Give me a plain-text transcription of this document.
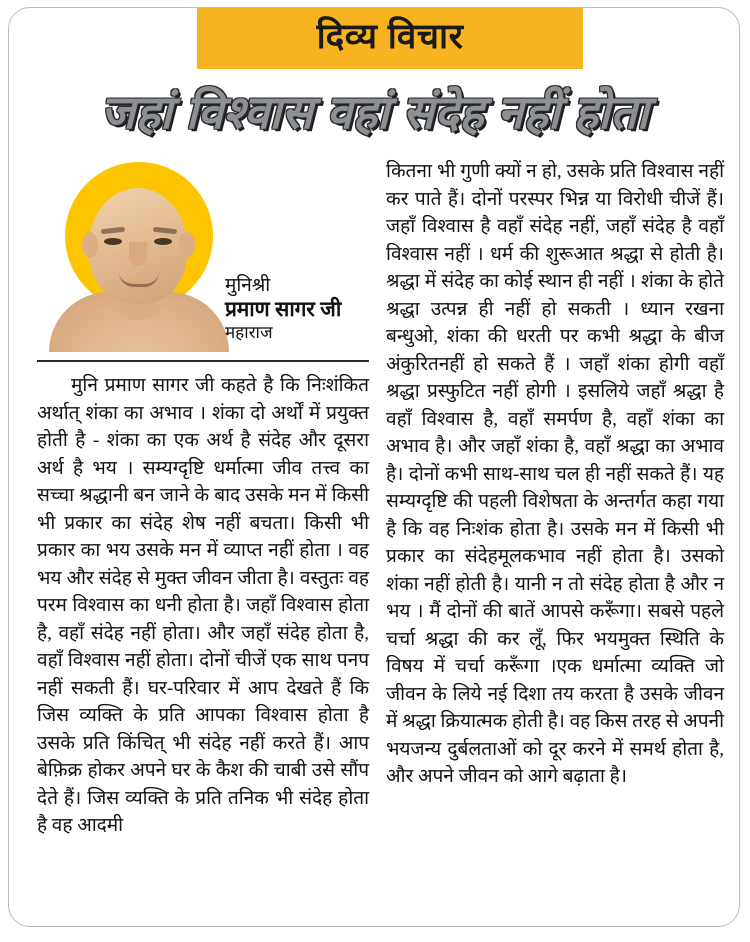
दिव्य विचार
जहां विश्वास वहां संदेह नहीं होता
मुनिश्री
प्रमाण सागर जी
महाराज

मुनि प्रमाण सागर जी कहते है कि निःशंकित अर्थात् शंका का अभाव । शंका दो अर्थों में प्रयुक्त होती है - शंका का एक अर्थ है संदेह और दूसरा अर्थ है भय । सम्यग्दृष्टि धर्मात्मा जीव तत्त्व का सच्चा श्रद्धानी बन जाने के बाद उसके मन में किसी भी प्रकार का संदेह शेष नहीं बचता। किसी भी प्रकार का भय उसके मन में व्याप्त नहीं होता । वह भय और संदेह से मुक्त जीवन जीता है। वस्तुतः वह परम विश्वास का धनी होता है। जहाँ विश्वास होता है, वहाँ संदेह नहीं होता। और जहाँ संदेह होता है, वहाँ विश्वास नहीं होता। दोनों चीजें एक साथ पनप नहीं सकती हैं। घर-परिवार में आप देखते हैं कि जिस व्यक्ति के प्रति आपका विश्वास होता है उसके प्रति किंचित् भी संदेह नहीं करते हैं। आप बेफ़िक्र होकर अपने घर के कैश की चाबी उसे सौंप देते हैं। जिस व्यक्ति के प्रति तनिक भी संदेह होता है वह आदमी

कितना भी गुणी क्यों न हो, उसके प्रति विश्वास नहीं कर पाते हैं। दोनों परस्पर भिन्न या विरोधी चीजें हैं। जहाँ विश्वास है वहाँ संदेह नहीं, जहाँ संदेह है वहाँ विश्वास नहीं । धर्म की शुरूआत श्रद्धा से होती है। श्रद्धा में संदेह का कोई स्थान ही नहीं । शंका के होते श्रद्धा उत्पन्न ही नहीं हो सकती । ध्यान रखना बन्धुओ, शंका की धरती पर कभी श्रद्धा के बीज अंकुरितनहीं हो सकते हैं । जहाँ शंका होगी वहाँ श्रद्धा प्रस्फुटित नहीं होगी । इसलिये जहाँ श्रद्धा है वहाँ विश्वास है, वहाँ समर्पण है, वहाँ शंका का अभाव है। और जहाँ शंका है, वहाँ श्रद्धा का अभाव है। दोनों कभी साथ-साथ चल ही नहीं सकते हैं। यह सम्यग्दृष्टि की पहली विशेषता के अन्तर्गत कहा गया है कि वह निःशंक होता है। उसके मन में किसी भी प्रकार का संदेहमूलकभाव नहीं होता है। उसको शंका नहीं होती है। यानी न तो संदेह होता है और न भय । मैं दोनों की बातें आपसे करूँगा। सबसे पहले चर्चा श्रद्धा की कर लूँ, फिर भयमुक्त स्थिति के विषय में चर्चा करूँगा ।एक धर्मात्मा व्यक्ति जो जीवन के लिये नई दिशा तय करता है उसके जीवन में श्रद्धा क्रियात्मक होती है। वह किस तरह से अपनी भयजन्य दुर्बलताओं को दूर करने में समर्थ होता है, और अपने जीवन को आगे बढ़ाता है।
